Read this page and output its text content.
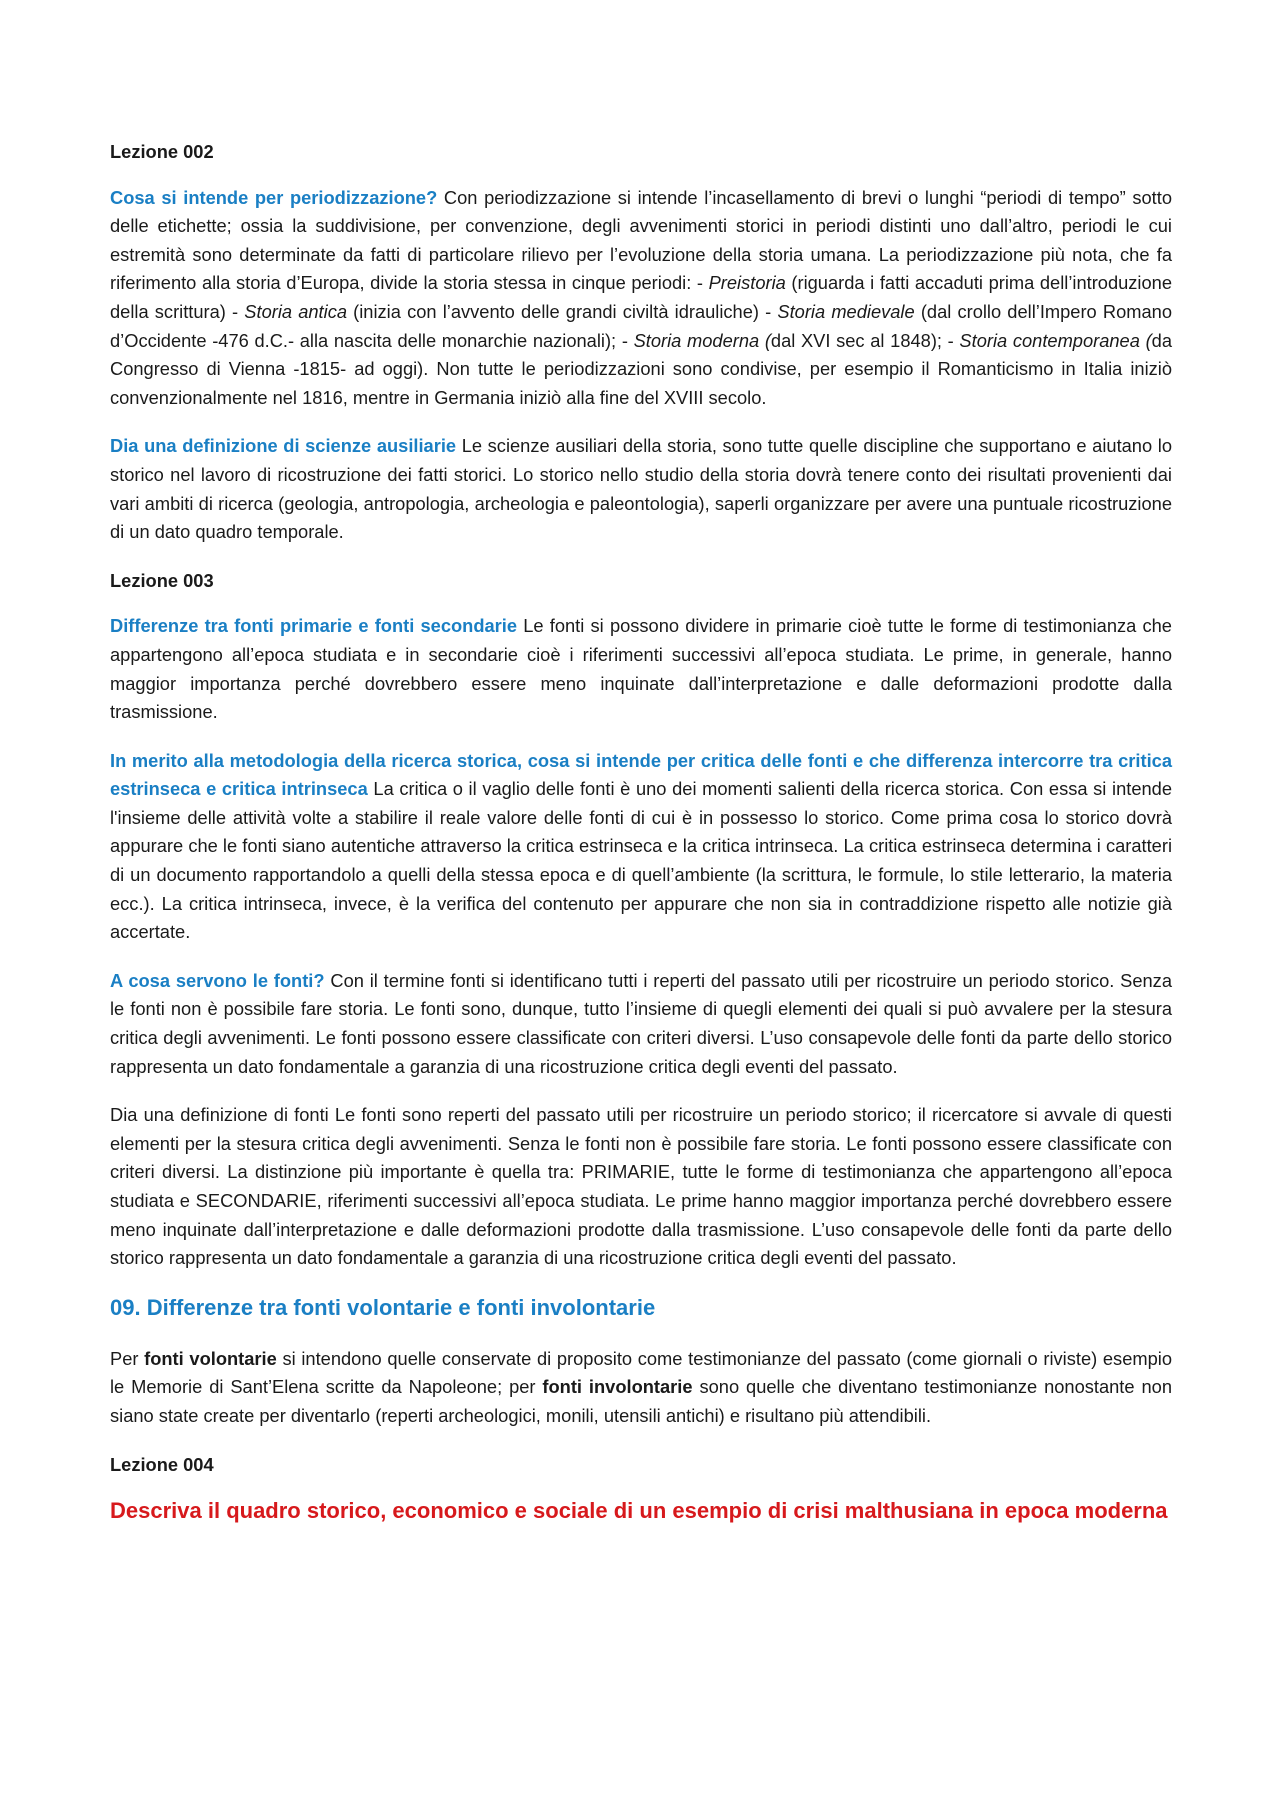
Lezione 002

Cosa si intende per periodizzazione? Con periodizzazione si intende l’incasellamento di brevi o lunghi “periodi di tempo” sotto delle etichette; ossia la suddivisione, per convenzione, degli avvenimenti storici in periodi distinti uno dall’altro, periodi le cui estremità sono determinate da fatti di particolare rilievo per l’evoluzione della storia umana. La periodizzazione più nota, che fa riferimento alla storia d’Europa, divide la storia stessa in cinque periodi: - Preistoria (riguarda i fatti accaduti prima dell’introduzione della scrittura) - Storia antica (inizia con l’avvento delle grandi civiltà idrauliche) - Storia medievale (dal crollo dell’Impero Romano d’Occidente -476 d.C.- alla nascita delle monarchie nazionali); - Storia moderna (dal XVI sec al 1848); - Storia contemporanea (da Congresso di Vienna -1815- ad oggi). Non tutte le periodizzazioni sono condivise, per esempio il Romanticismo in Italia iniziò convenzionalmente nel 1816, mentre in Germania iniziò alla fine del XVIII secolo.

Dia una definizione di scienze ausiliarie Le scienze ausiliari della storia, sono tutte quelle discipline che supportano e aiutano lo storico nel lavoro di ricostruzione dei fatti storici. Lo storico nello studio della storia dovrà tenere conto dei risultati provenienti dai vari ambiti di ricerca (geologia, antropologia, archeologia e paleontologia), saperli organizzare per avere una puntuale ricostruzione di un dato quadro temporale.

Lezione 003

Differenze tra fonti primarie e fonti secondarie Le fonti si possono dividere in primarie cioè tutte le forme di testimonianza che appartengono all’epoca studiata e in secondarie cioè i riferimenti successivi all’epoca studiata. Le prime, in generale, hanno maggior importanza perché dovrebbero essere meno inquinate dall’interpretazione e dalle deformazioni prodotte dalla trasmissione.

In merito alla metodologia della ricerca storica, cosa si intende per critica delle fonti e che differenza intercorre tra critica estrinseca e critica intrinseca La critica o il vaglio delle fonti è uno dei momenti salienti della ricerca storica. Con essa si intende l'insieme delle attività volte a stabilire il reale valore delle fonti di cui è in possesso lo storico. Come prima cosa lo storico dovrà appurare che le fonti siano autentiche attraverso la critica estrinseca e la critica intrinseca. La critica estrinseca determina i caratteri di un documento rapportandolo a quelli della stessa epoca e di quell’ambiente (la scrittura, le formule, lo stile letterario, la materia ecc.). La critica intrinseca, invece, è la verifica del contenuto per appurare che non sia in contraddizione rispetto alle notizie già accertate.

A cosa servono le fonti? Con il termine fonti si identificano tutti i reperti del passato utili per ricostruire un periodo storico. Senza le fonti non è possibile fare storia. Le fonti sono, dunque, tutto l’insieme di quegli elementi dei quali si può avvalere per la stesura critica degli avvenimenti. Le fonti possono essere classificate con criteri diversi. L’uso consapevole delle fonti da parte dello storico rappresenta un dato fondamentale a garanzia di una ricostruzione critica degli eventi del passato.

Dia una definizione di fonti Le fonti sono reperti del passato utili per ricostruire un periodo storico; il ricercatore si avvale di questi elementi per la stesura critica degli avvenimenti. Senza le fonti non è possibile fare storia. Le fonti possono essere classificate con criteri diversi. La distinzione più importante è quella tra: PRIMARIE, tutte le forme di testimonianza che appartengono all’epoca studiata e SECONDARIE, riferimenti successivi all’epoca studiata. Le prime hanno maggior importanza perché dovrebbero essere meno inquinate dall’interpretazione e dalle deformazioni prodotte dalla trasmissione. L’uso consapevole delle fonti da parte dello storico rappresenta un dato fondamentale a garanzia di una ricostruzione critica degli eventi del passato.

09. Differenze tra fonti volontarie e fonti involontarie

Per fonti volontarie si intendono quelle conservate di proposito come testimonianze del passato (come giornali o riviste) esempio le Memorie di Sant’Elena scritte da Napoleone; per fonti involontarie sono quelle che diventano testimonianze nonostante non siano state create per diventarlo (reperti archeologici, monili, utensili antichi) e risultano più attendibili.

Lezione 004
Descriva il quadro storico, economico e sociale di un esempio di crisi malthusiana in epoca moderna
